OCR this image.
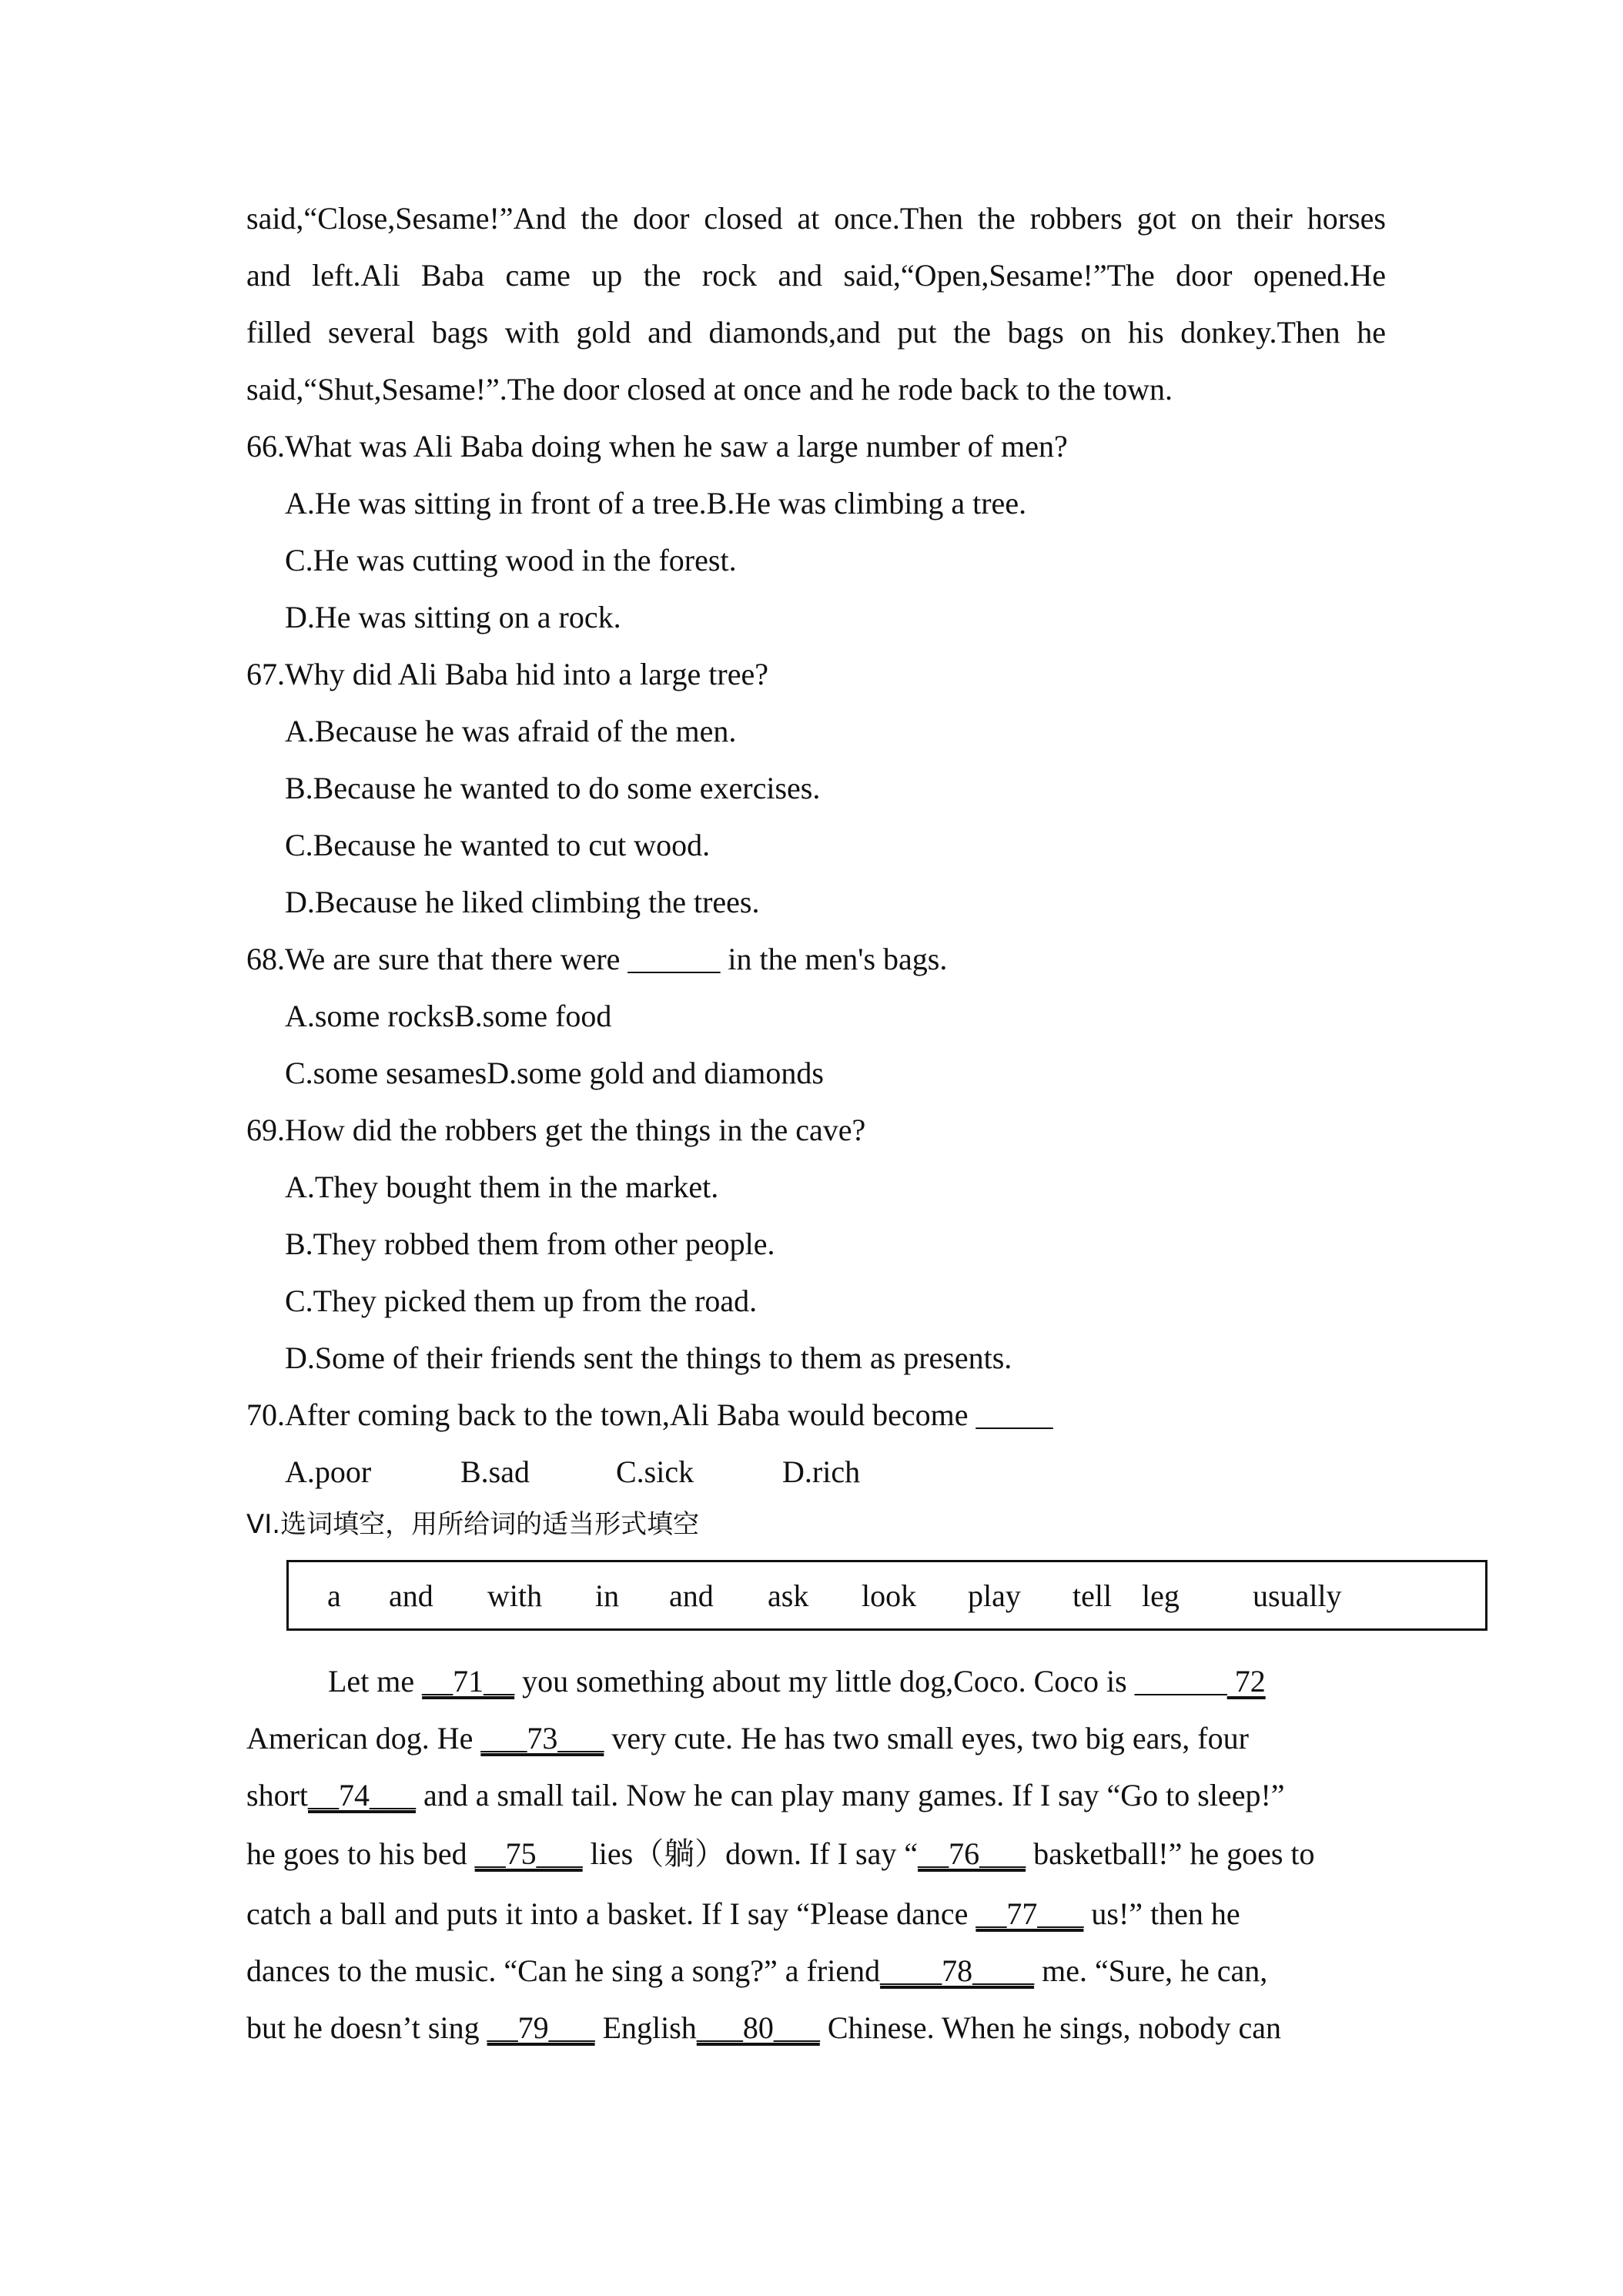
said,“Close,Sesame!”And the door closed at once.Then the robbers got on their horses
and left.Ali Baba came up the rock and said,“Open,Sesame!”The door opened.He
filled several bags with gold and diamonds,and put the bags on his donkey.Then he
said,“Shut,Sesame!”.The door closed at once and he rode back to the town.
66.What was Ali Baba doing when he saw a large number of men?
A.He was sitting in front of a tree.B.He was climbing a tree.
C.He was cutting wood in the forest.
D.He was sitting on a rock.
67.Why did Ali Baba hid into a large tree?
A.Because he was afraid of the men.
B.Because he wanted to do some exercises.
C.Because he wanted to cut wood.
D.Because he liked climbing the trees.
68.We are sure that there were ______ in the men's bags.
A.some rocksB.some food
C.some sesamesD.some gold and diamonds
69.How did the robbers get the things in the cave?
A.They bought them in the market.
B.They robbed them from other people.
C.They picked them up from the road.
D.Some of their friends sent the things to them as presents.
70.After coming back to the town,Ali Baba would become _____
A.poor	B.sad	C.sick	D.rich
VI.选词填空，用所给词的适当形式填空
a and with in and ask look play tell leg usually
Let me __71__ you something about my little dog,Coco. Coco is ______ 72
American dog. He ___73___ very cute. He has two small eyes, two big ears, four
short__74___ and a small tail. Now he can play many games. If I say “Go to sleep!”
he goes to his bed __75___ lies（躺）down. If I say “__76___ basketball!” he goes to
catch a ball and puts it into a basket. If I say “Please dance __77___ us!” then he
dances to the music. “Can he sing a song?” a friend____78____ me. “Sure, he can,
but he doesn’t sing __79___ English___80___ Chinese. When he sings, nobody can
